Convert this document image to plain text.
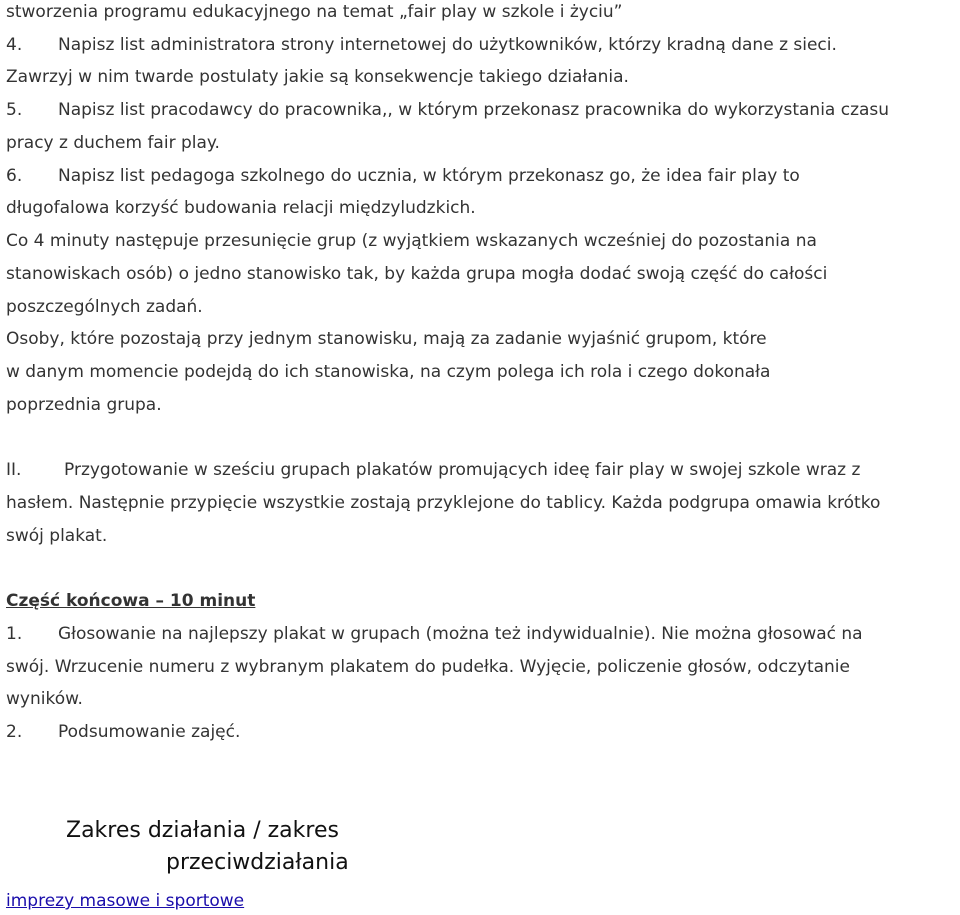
stworzenia programu edukacyjnego na temat „fair play w szkole i życiu”
4. Napisz list administratora strony internetowej do użytkowników, którzy kradną dane z sieci.
Zawrzyj w nim twarde postulaty jakie są konsekwencje takiego działania.
5. Napisz list pracodawcy do pracownika,, w którym przekonasz pracownika do wykorzystania czasu
pracy z duchem fair play.
6. Napisz list pedagoga szkolnego do ucznia, w którym przekonasz go, że idea fair play to
długofalowa korzyść budowania relacji międzyludzkich.
Co 4 minuty następuje przesunięcie grup (z wyjątkiem wskazanych wcześniej do pozostania na
stanowiskach osób) o jedno stanowisko tak, by każda grupa mogła dodać swoją część do całości
poszczególnych zadań.
Osoby, które pozostają przy jednym stanowisku, mają za zadanie wyjaśnić grupom, które
w danym momencie podejdą do ich stanowiska, na czym polega ich rola i czego dokonała
poprzednia grupa.
II.	Przygotowanie w sześciu grupach plakatów promujących ideę fair play w swojej szkole wraz z
hasłem. Następnie przypięcie wszystkie zostają przyklejone do tablicy. Każda podgrupa omawia krótko
swój plakat.
Część końcowa – 10 minut
1. Głosowanie na najlepszy plakat w grupach (można też indywidualnie). Nie można głosować na
swój. Wrzucenie numeru z wybranym plakatem do pudełka. Wyjęcie, policzenie głosów, odczytanie
wyników.
2. Podsumowanie zajęć.
Zakres działania / zakres
przeciwdziałania
imprezy masowe i sportowe
